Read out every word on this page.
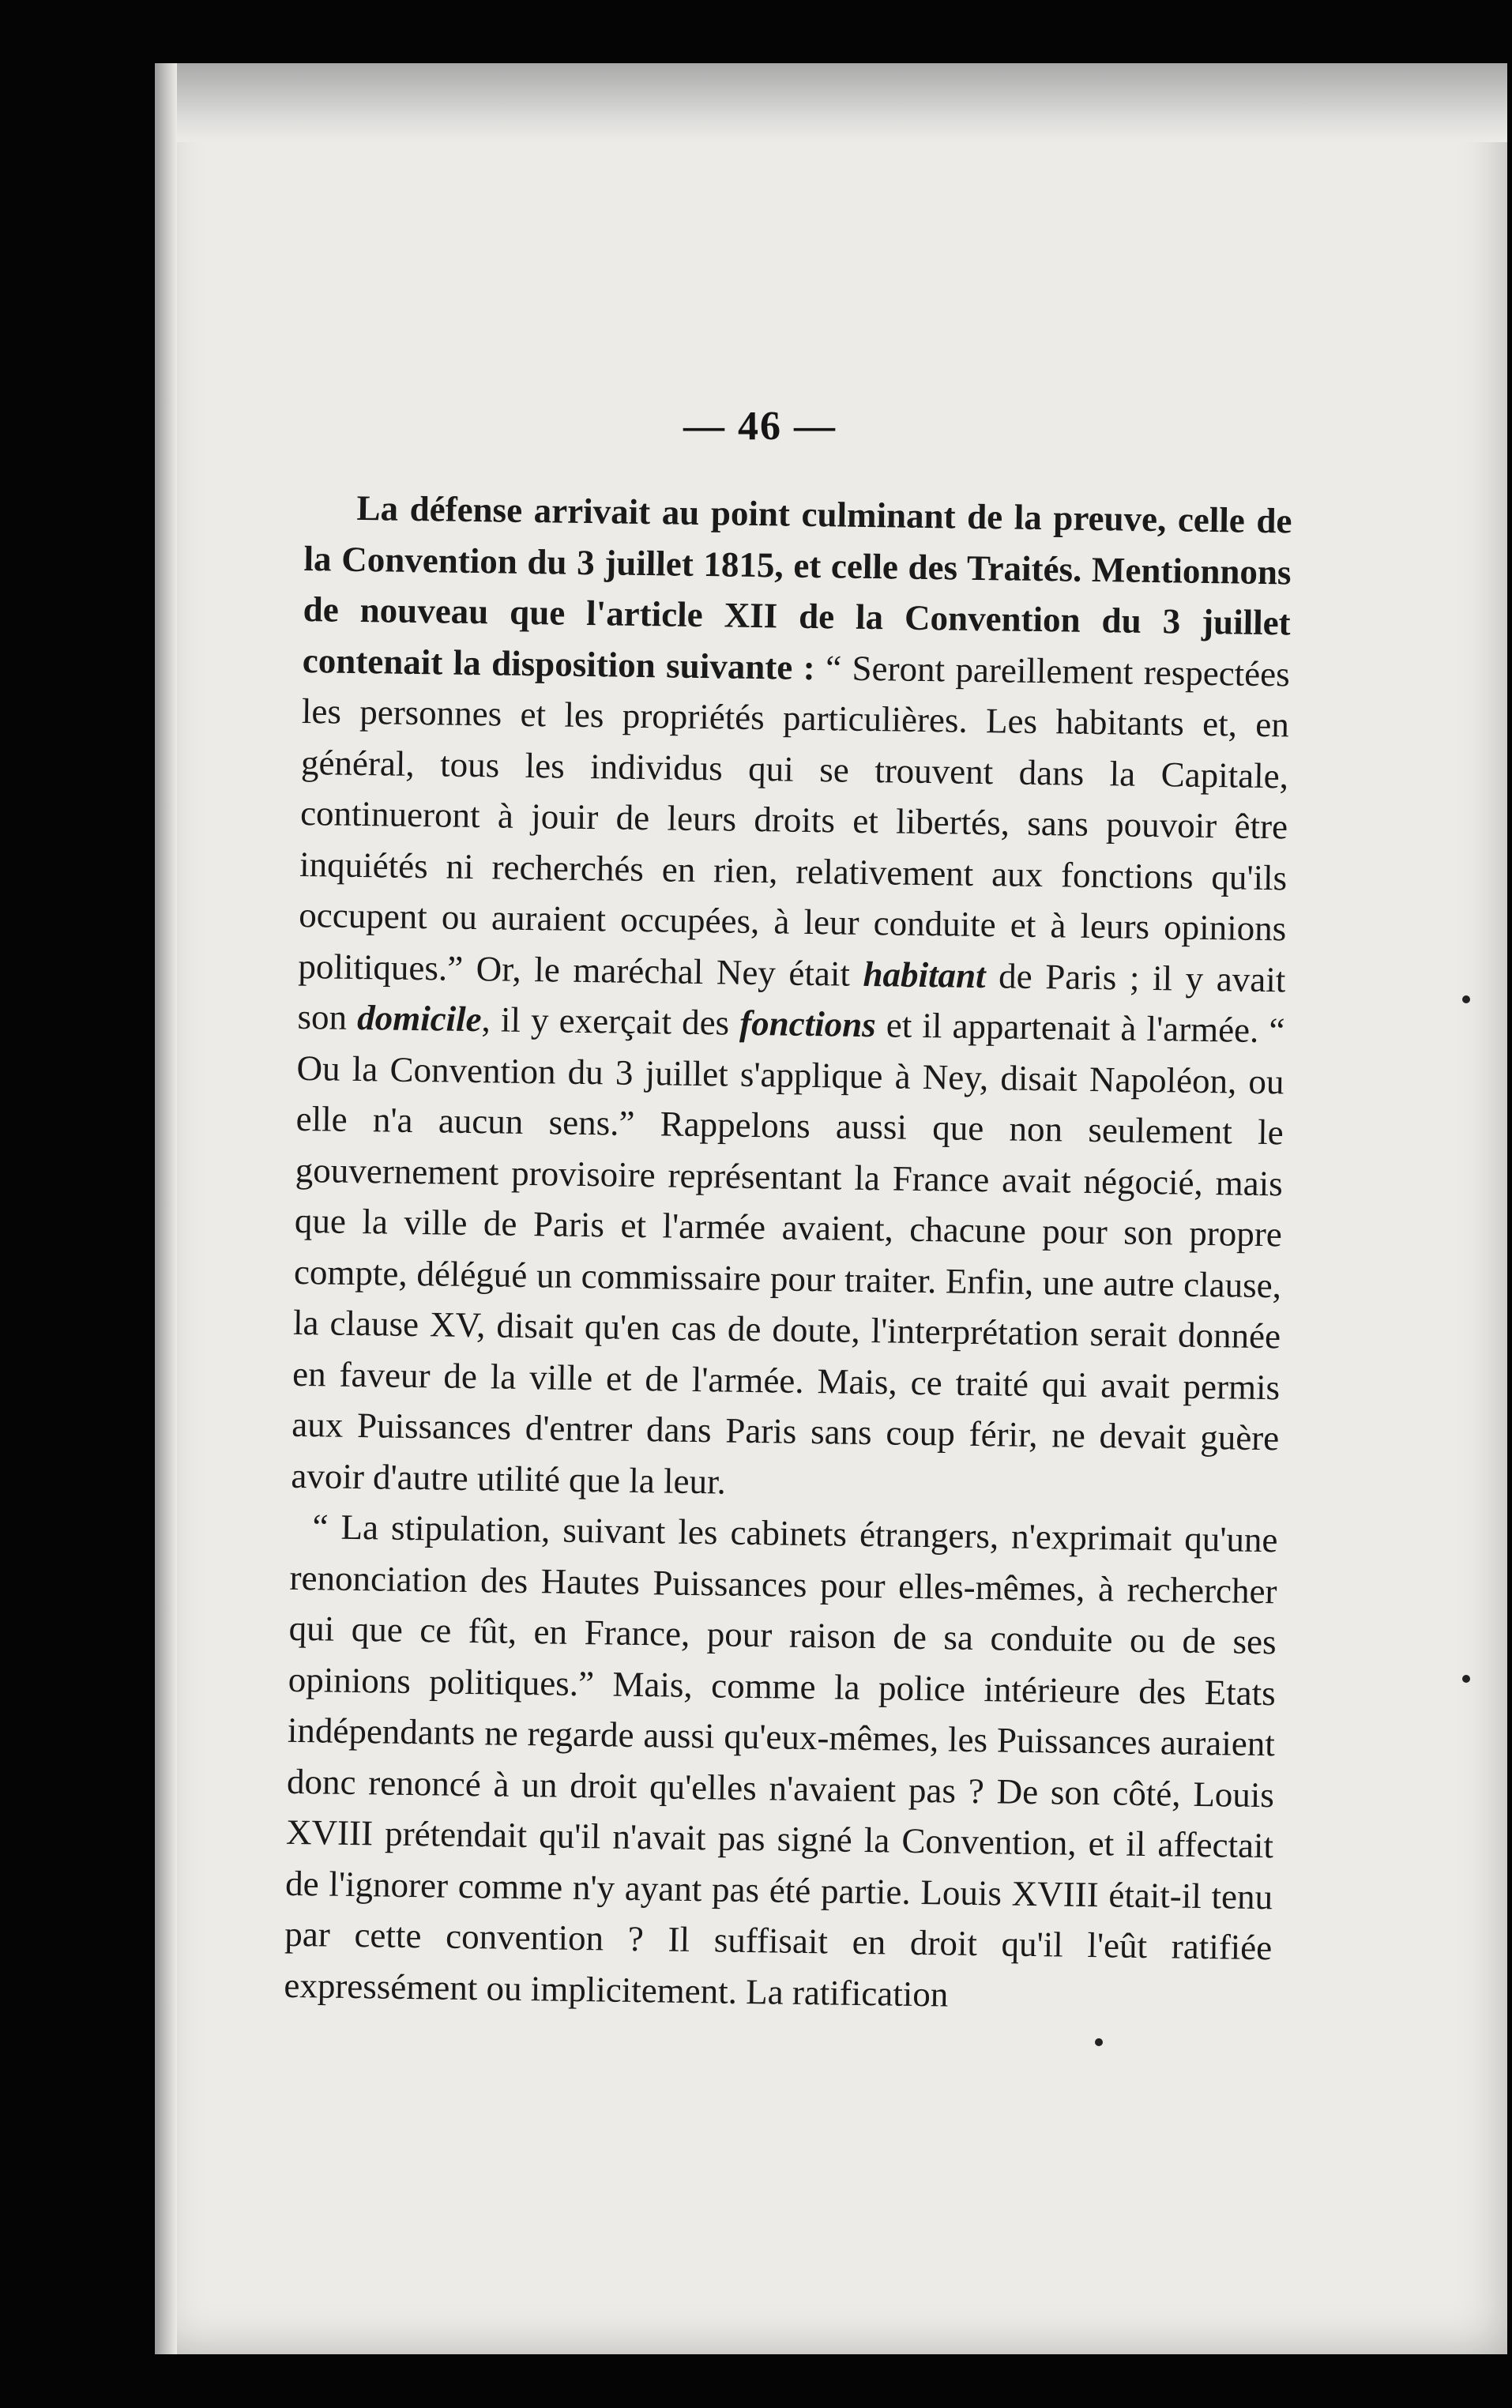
— 46 —

La défense arrivait au point culminant de la preuve, celle de la Convention du 3 juillet 1815, et celle des Traités. Mentionnons de nouveau que l'article XII de la Convention du 3 juillet contenait la disposition suivante : “ Seront pareillement respectées les personnes et les propriétés particulières. Les habitants et, en général, tous les individus qui se trouvent dans la Capitale, continueront à jouir de leurs droits et libertés, sans pouvoir être inquiétés ni recherchés en rien, relativement aux fonctions qu'ils occupent ou auraient occupées, à leur conduite et à leurs opinions politiques.” Or, le maréchal Ney était habitant de Paris ; il y avait son domicile, il y exerçait des fonctions et il appartenait à l'armée. “ Ou la Convention du 3 juillet s'applique à Ney, disait Napoléon, ou elle n'a aucun sens.” Rappelons aussi que non seulement le gouvernement provisoire représentant la France avait négocié, mais que la ville de Paris et l'armée avaient, chacune pour son propre compte, délégué un commissaire pour traiter. Enfin, une autre clause, la clause XV, disait qu'en cas de doute, l'interprétation serait donnée en faveur de la ville et de l'armée. Mais, ce traité qui avait permis aux Puissances d'entrer dans Paris sans coup férir, ne devait guère avoir d'autre utilité que la leur.

“ La stipulation, suivant les cabinets étrangers, n'exprimait qu'une renonciation des Hautes Puissances pour elles-mêmes, à rechercher qui que ce fût, en France, pour raison de sa conduite ou de ses opinions politiques.” Mais, comme la police intérieure des Etats indépendants ne regarde aussi qu'eux-mêmes, les Puissances auraient donc renoncé à un droit qu'elles n'avaient pas ? De son côté, Louis XVIII prétendait qu'il n'avait pas signé la Convention, et il affectait de l'ignorer comme n'y ayant pas été partie. Louis XVIII était-il tenu par cette convention ? Il suffisait en droit qu'il l'eût ratifiée expressément ou implicitement. La ratification
